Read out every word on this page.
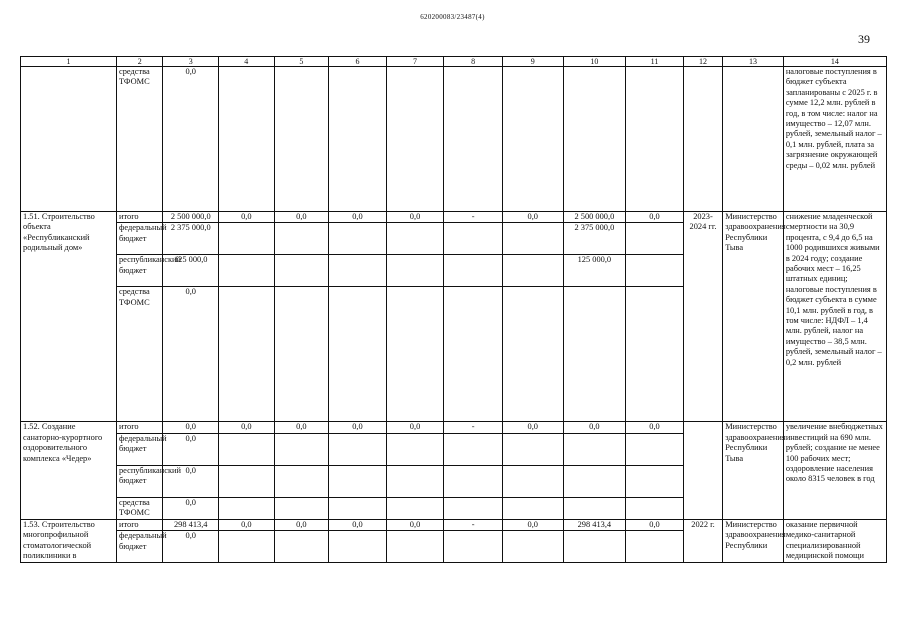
620200083/23487(4)
39
1	2	3	4	5	6	7	8	9	10	11	12	13	14
	средства ТФОМС	0,0											налоговые поступления в бюджет субъекта запланированы с 2025 г. в сумме 12,2 млн. рублей в год, в том числе: налог на имущество – 12,07 млн. рублей, земельный налог – 0,1 млн. рублей, плата за загрязнение окружающей среды – 0,02 млн. рублей
1.51. Строительство объекта «Республиканский родильный дом»	итого	2 500 000,0	0,0	0,0	0,0	0,0	-	0,0	2 500 000,0	0,0	2023-2024 гг.	Министерство здравоохранения Республики Тыва	снижение младенческой смертности на 30,9 процента, с 9,4 до 6,5 на 1000 родившихся живыми в 2024 году; создание рабочих мест – 16,25 штатных единиц; налоговые поступления в бюджет субъекта в сумме 10,1 млн. рублей в год, в том числе: НДФЛ – 1,4 млн. рублей, налог на имущество – 38,5 млн. рублей, земельный налог – 0,2 млн. рублей
	федеральный бюджет	2 375 000,0							2 375 000,0				
	республиканский бюджет	125 000,0							125 000,0				
	средства ТФОМС	0,0											
1.52. Создание санаторно-курортного оздоровительного комплекса «Чедер»	итого	0,0	0,0	0,0	0,0	0,0	-	0,0	0,0	0,0		Министерство здравоохранения Республики Тыва	увеличение внебюджетных инвестиций на 690 млн. рублей; создание не менее 100 рабочих мест; оздоровление населения около 8315 человек в год
	федеральный бюджет	0,0											
	республиканский бюджет	0,0											
	средства ТФОМС	0,0											
1.53. Строительство многопрофильной стоматологической поликлиники в	итого	298 413,4	0,0	0,0	0,0	0,0	-	0,0	298 413,4	0,0	2022 г.	Министерство здравоохранения Республики	оказание первичной медико-санитарной специализированной медицинской помощи
	федеральный бюджет	0,0											
